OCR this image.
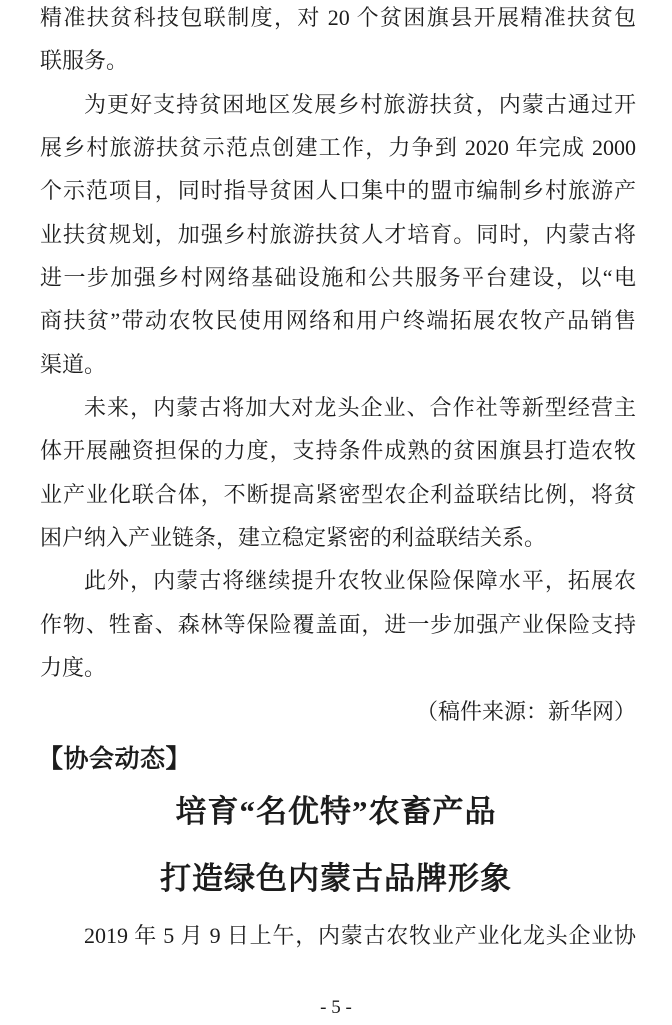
精准扶贫科技包联制度，对 20 个贫困旗县开展精准扶贫包
联服务。
为更好支持贫困地区发展乡村旅游扶贫，内蒙古通过开
展乡村旅游扶贫示范点创建工作，力争到 2020 年完成 2000
个示范项目，同时指导贫困人口集中的盟市编制乡村旅游产
业扶贫规划，加强乡村旅游扶贫人才培育。同时，内蒙古将
进一步加强乡村网络基础设施和公共服务平台建设，以“电
商扶贫”带动农牧民使用网络和用户终端拓展农牧产品销售
渠道。
未来，内蒙古将加大对龙头企业、合作社等新型经营主
体开展融资担保的力度，支持条件成熟的贫困旗县打造农牧
业产业化联合体，不断提高紧密型农企利益联结比例，将贫
困户纳入产业链条，建立稳定紧密的利益联结关系。
此外，内蒙古将继续提升农牧业保险保障水平，拓展农
作物、牲畜、森林等保险覆盖面，进一步加强产业保险支持
力度。
（稿件来源：新华网）
【协会动态】
培育“名优特”农畜产品
打造绿色内蒙古品牌形象
2019 年 5 月 9 日上午，内蒙古农牧业产业化龙头企业协
- 5 -
